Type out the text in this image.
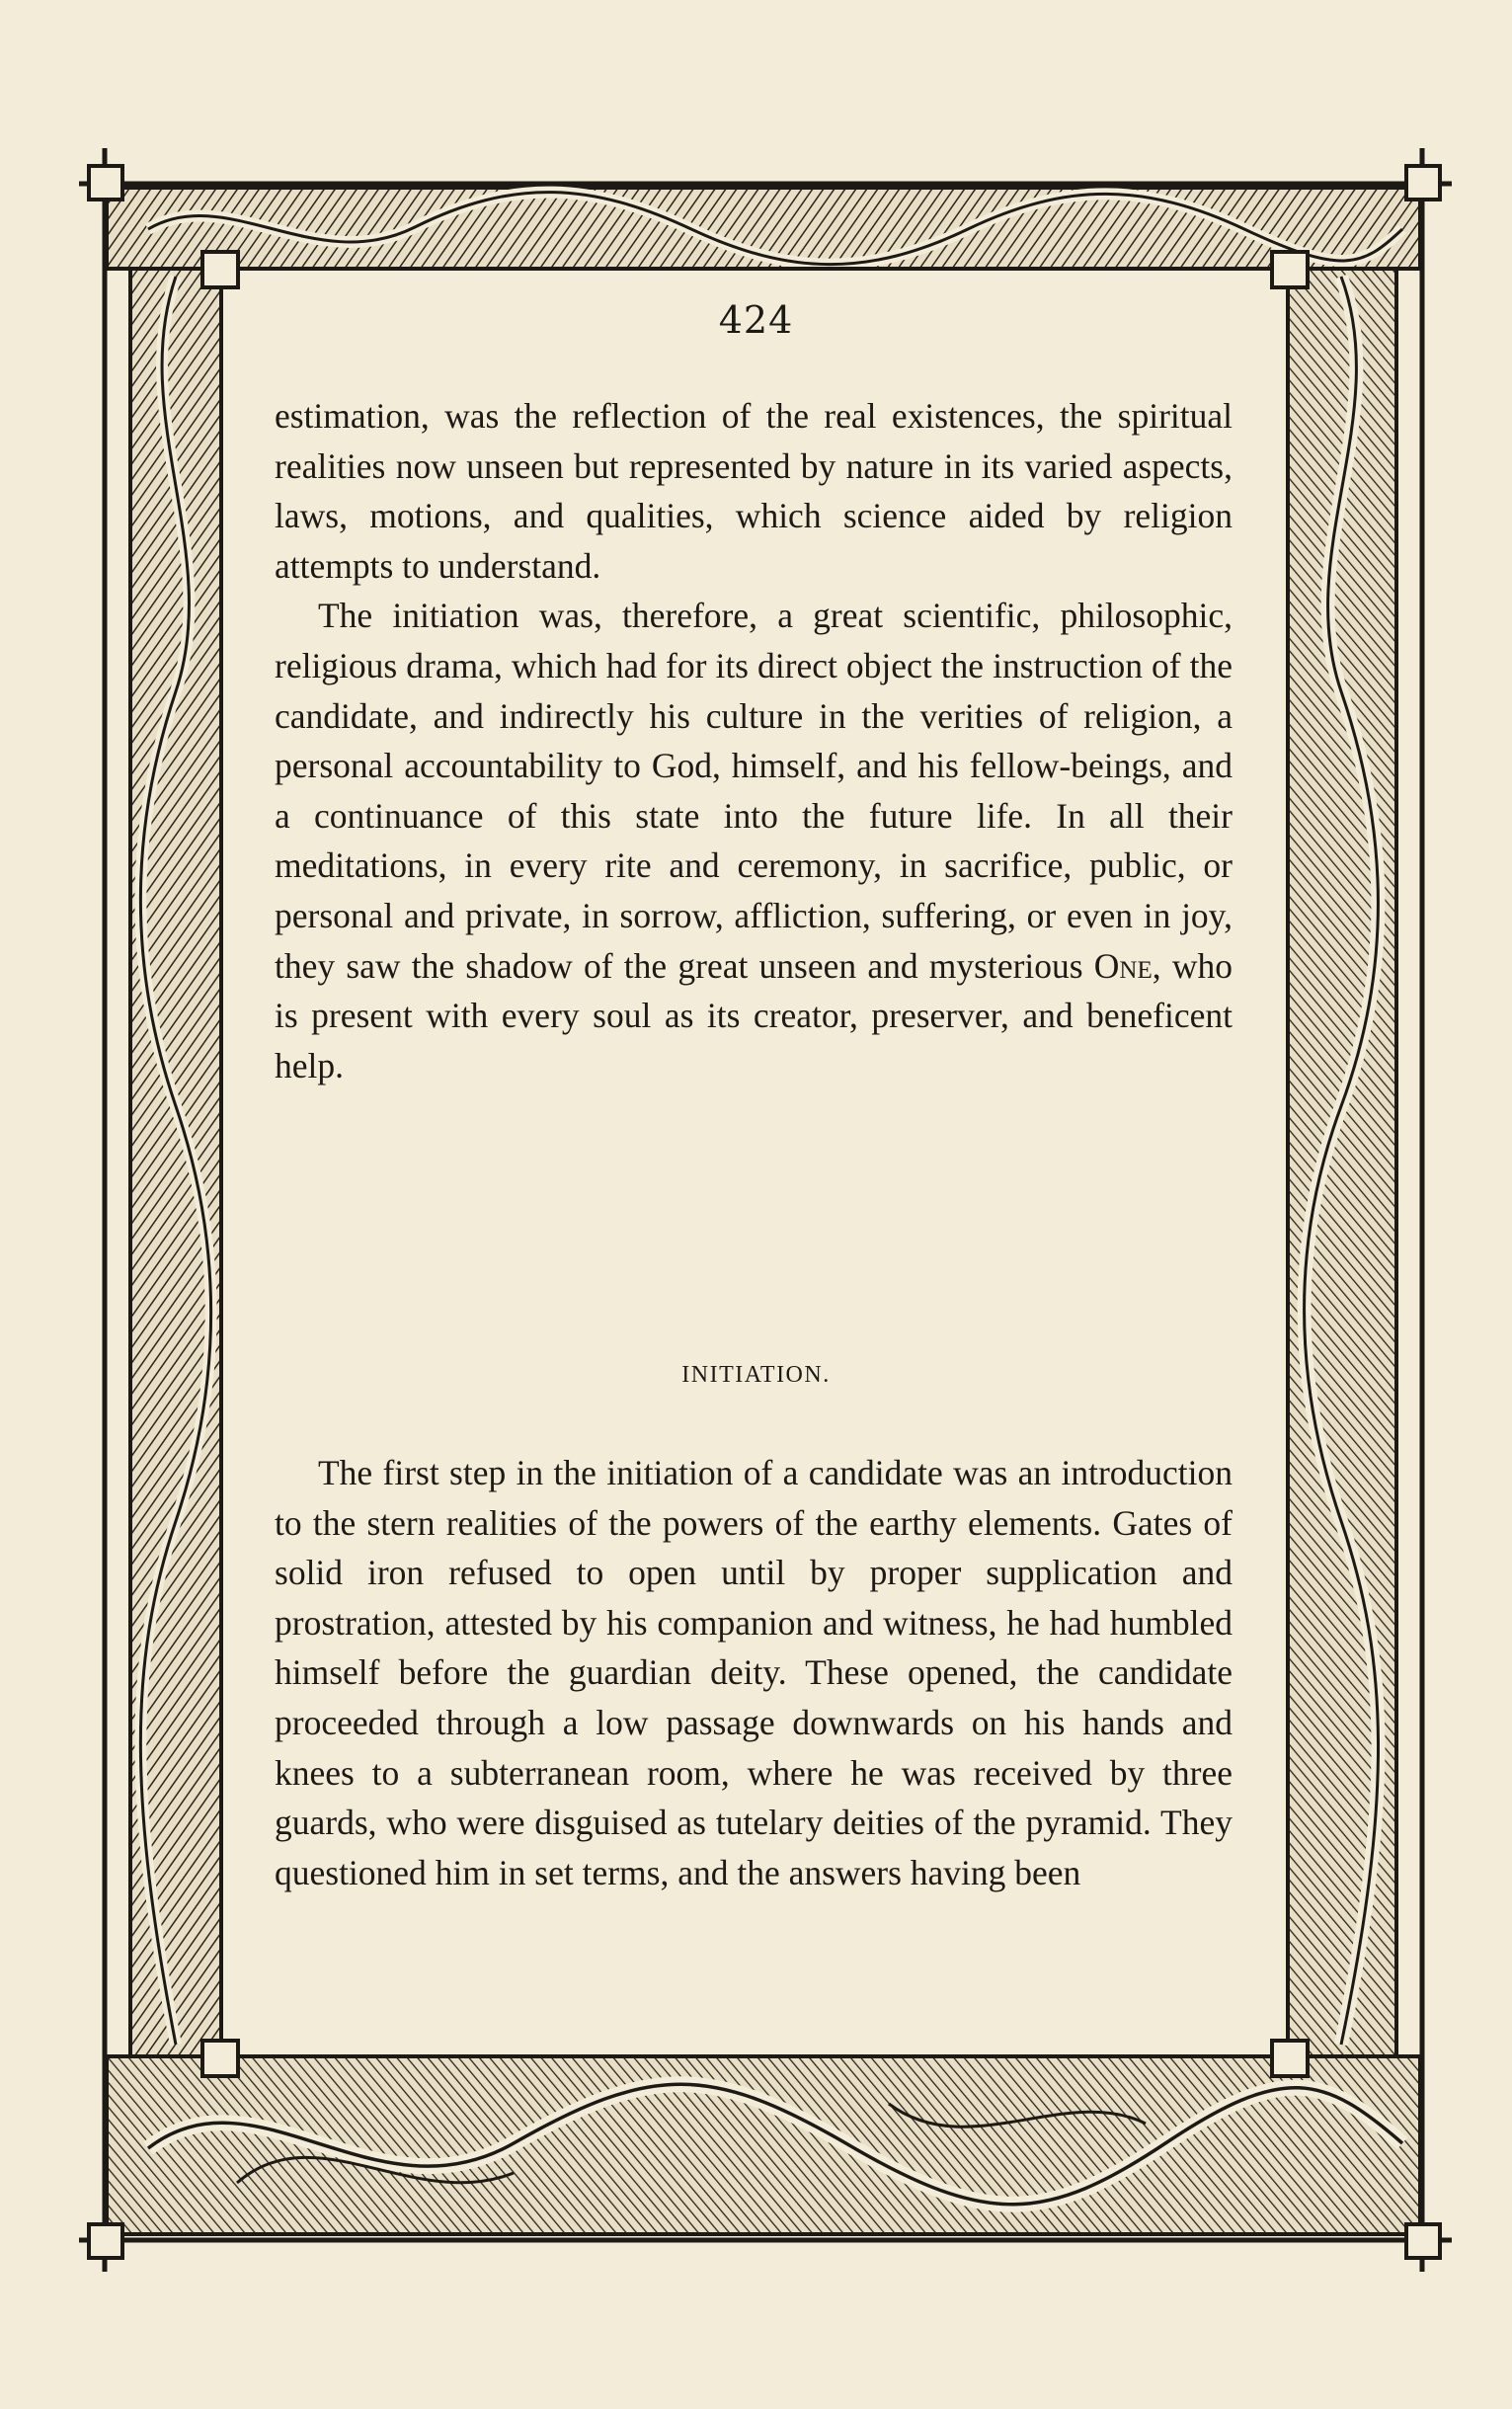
424

estimation, was the reflection of the real existences, the spiritual realities now unseen but represented by nature in its varied aspects, laws, motions, and qualities, which science aided by religion attempts to understand.

The initiation was, therefore, a great scientific, philosophic, religious drama, which had for its direct object the instruction of the candidate, and indirectly his culture in the verities of religion, a personal accountability to God, himself, and his fellow-beings, and a continuance of this state into the future life. In all their meditations, in every rite and ceremony, in sacrifice, public, or personal and private, in sorrow, affliction, suffering, or even in joy, they saw the shadow of the great unseen and mysterious One, who is present with every soul as its creator, preserver, and beneficent help.

INITIATION.

The first step in the initiation of a candidate was an introduction to the stern realities of the powers of the earthy elements. Gates of solid iron refused to open until by proper supplication and prostration, attested by his companion and witness, he had humbled himself before the guardian deity. These opened, the candidate proceeded through a low passage downwards on his hands and knees to a subterranean room, where he was received by three guards, who were disguised as tutelary deities of the pyramid. They questioned him in set terms, and the answers having been
